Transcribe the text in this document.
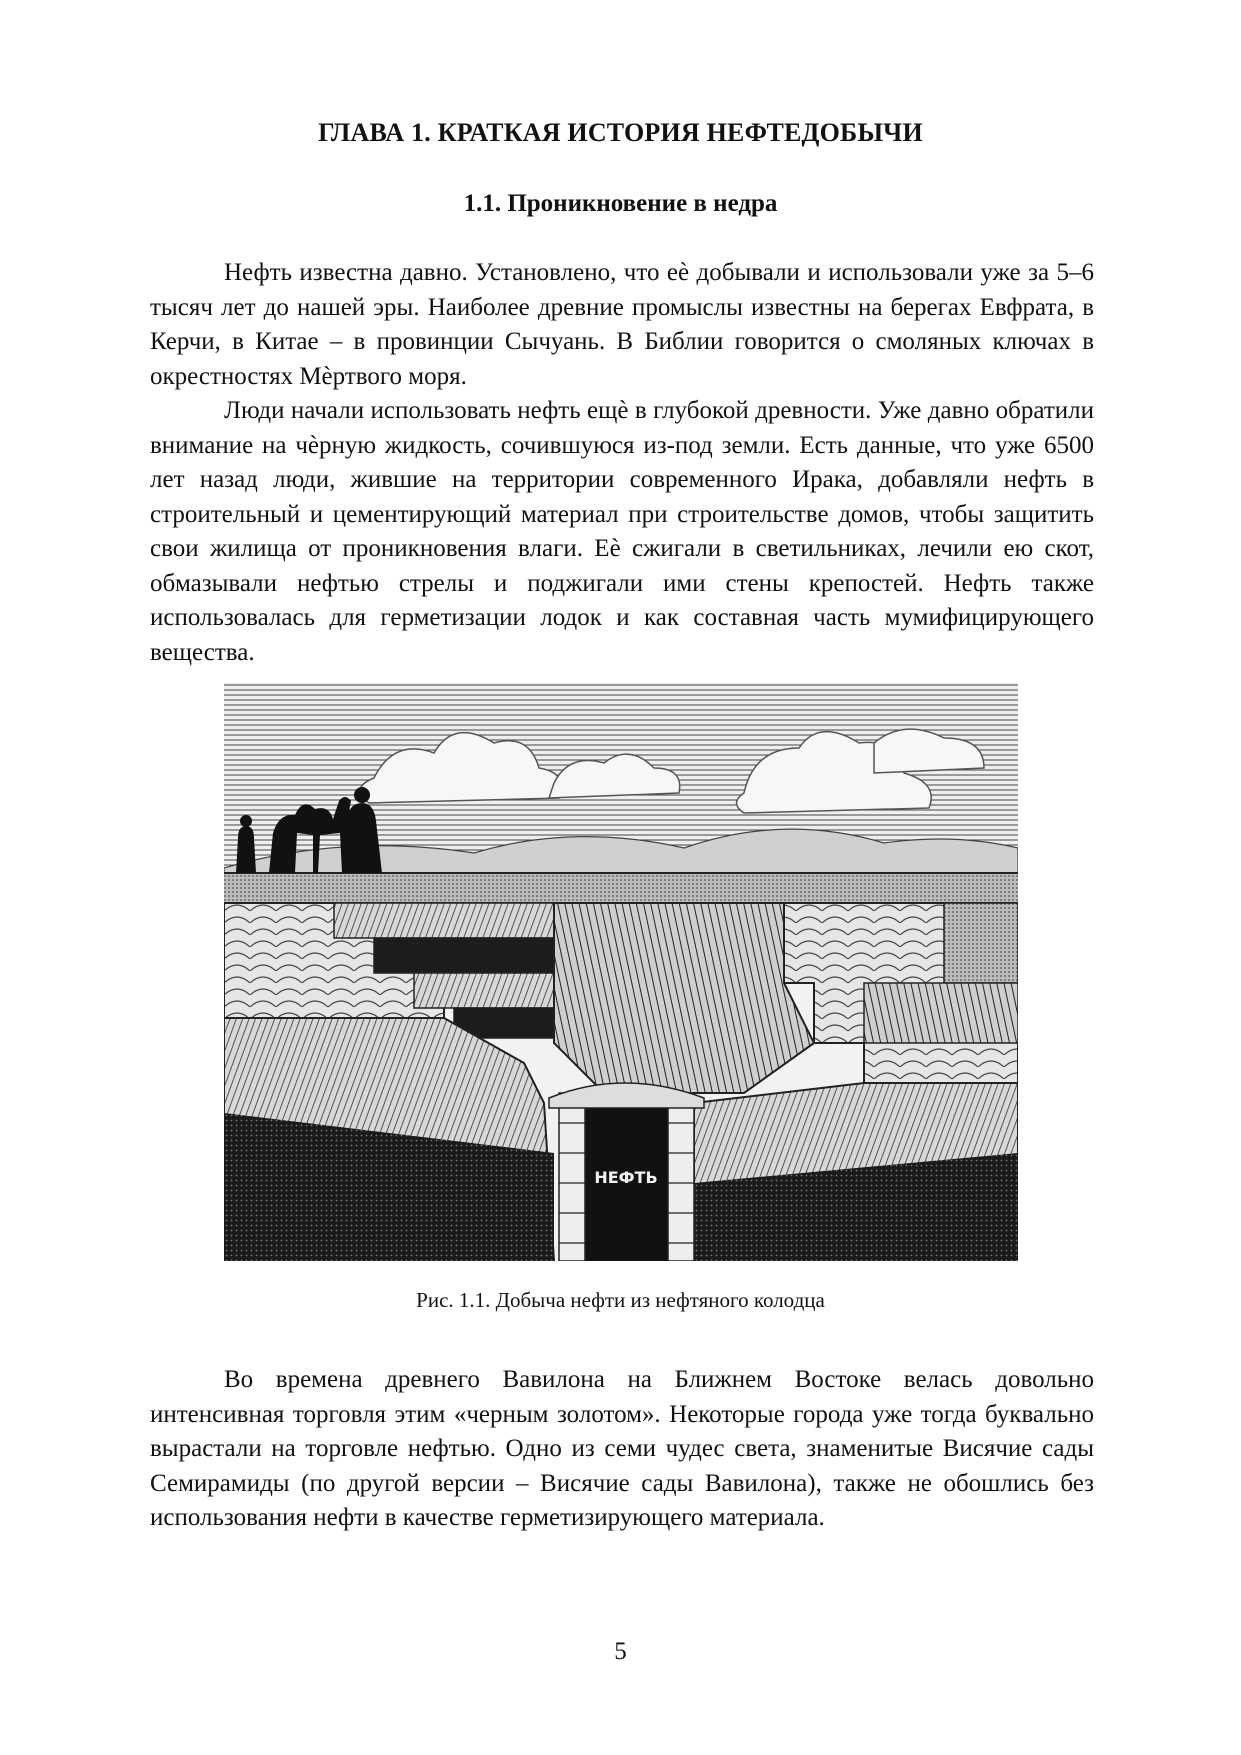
ГЛАВА 1. КРАТКАЯ ИСТОРИЯ НЕФТЕДОБЫЧИ
1.1. Проникновение в недра

Нефть известна давно. Установлено, что еѐ добывали и использовали уже за 5–6 тысяч лет до нашей эры. Наиболее древние промыслы известны на берегах Евфрата, в Керчи, в Китае – в провинции Сычуань. В Библии говорится о смоляных ключах в окрестностях Мѐртвого моря.

Люди начали использовать нефть ещѐ в глубокой древности. Уже давно обратили внимание на чѐрную жидкость, сочившуюся из-под земли. Есть данные, что уже 6500 лет назад люди, жившие на территории современного Ирака, добавляли нефть в строительный и цементирующий материал при строительстве домов, чтобы защитить свои жилища от проникновения влаги. Еѐ сжигали в светильниках, лечили ею скот, обмазывали нефтью стрелы и поджигали ими стены крепостей. Нефть также использовалась для герметизации лодок и как составная часть мумифицирующего вещества.

НЕФТЬ
Рис. 1.1. Добыча нефти из нефтяного колодца

Во времена древнего Вавилона на Ближнем Востоке велась довольно интенсивная торговля этим «черным золотом». Некоторые города уже тогда буквально вырастали на торговле нефтью. Одно из семи чудес света, знаменитые Висячие сады Семирамиды (по другой версии – Висячие сады Вавилона), также не обошлись без использования нефти в качестве герметизирующего материала.

5
